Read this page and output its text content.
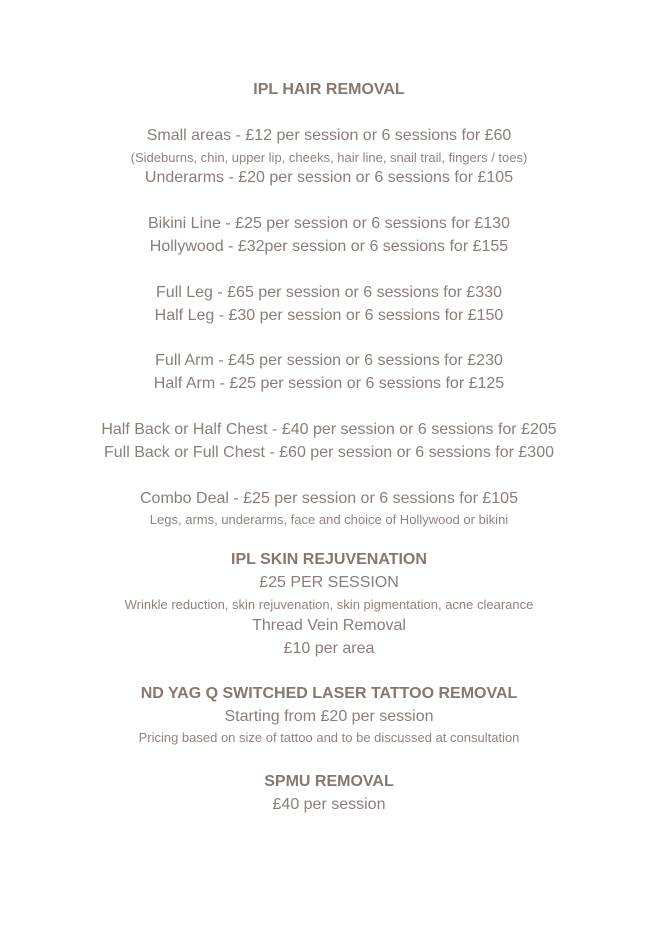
IPL HAIR REMOVAL
Small areas - £12 per session or 6 sessions for £60
(Sideburns, chin, upper lip, cheeks, hair line, snail trail, fingers / toes)
Underarms - £20 per session or 6 sessions for £105
Bikini Line - £25 per session or 6 sessions for £130
Hollywood - £32per session or 6 sessions for £155
Full Leg - £65 per session or 6 sessions for £330
Half Leg - £30 per session or 6 sessions for £150
Full Arm - £45 per session or 6 sessions for £230
Half Arm - £25 per session or 6 sessions for £125
Half Back or Half Chest - £40 per session or 6 sessions for £205
Full Back or Full Chest - £60 per session or 6 sessions for £300
Combo Deal - £25 per session or 6 sessions for £105
Legs, arms, underarms, face and choice of Hollywood or bikini
IPL SKIN REJUVENATION
£25 PER SESSION
Wrinkle reduction, skin rejuvenation, skin pigmentation, acne clearance
Thread Vein Removal
£10 per area
ND YAG Q SWITCHED LASER TATTOO REMOVAL
Starting from £20 per session
Pricing based on size of tattoo and to be discussed at consultation
SPMU REMOVAL
£40 per session
